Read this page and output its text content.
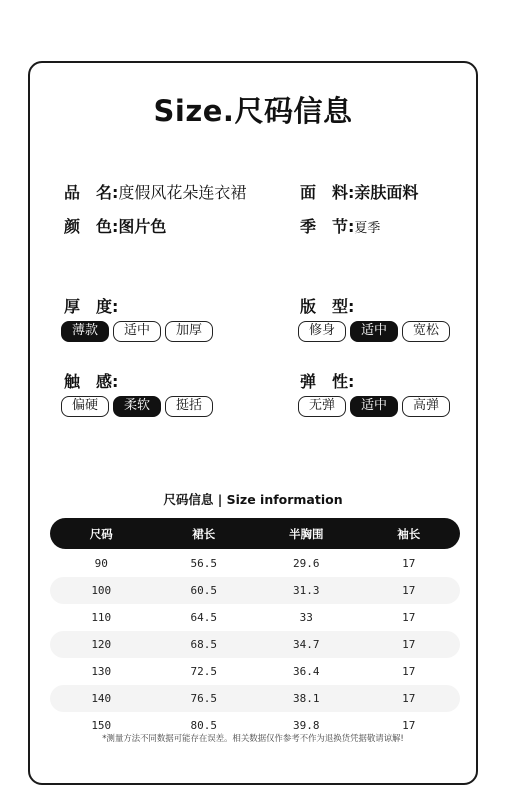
Size.尺码信息
品　名:度假风花朵连衣裙	面　料:亲肤面料
颜　色:图片色	季　节:夏季
厚　度:
薄款	适中	加厚
版　型:
修身	适中	宽松
触　感:
偏硬	柔软	挺括
弹　性:
无弹	适中	高弹
尺码信息 | Size information
尺码	裙长	半胸围	袖长
90	56.5	29.6	17
100	60.5	31.3	17
110	64.5	33	17
120	68.5	34.7	17
130	72.5	36.4	17
140	76.5	38.1	17
150	80.5	39.8	17
*测量方法不同数据可能存在误差。相关数据仅作参考不作为退换货凭据敬请谅解!
